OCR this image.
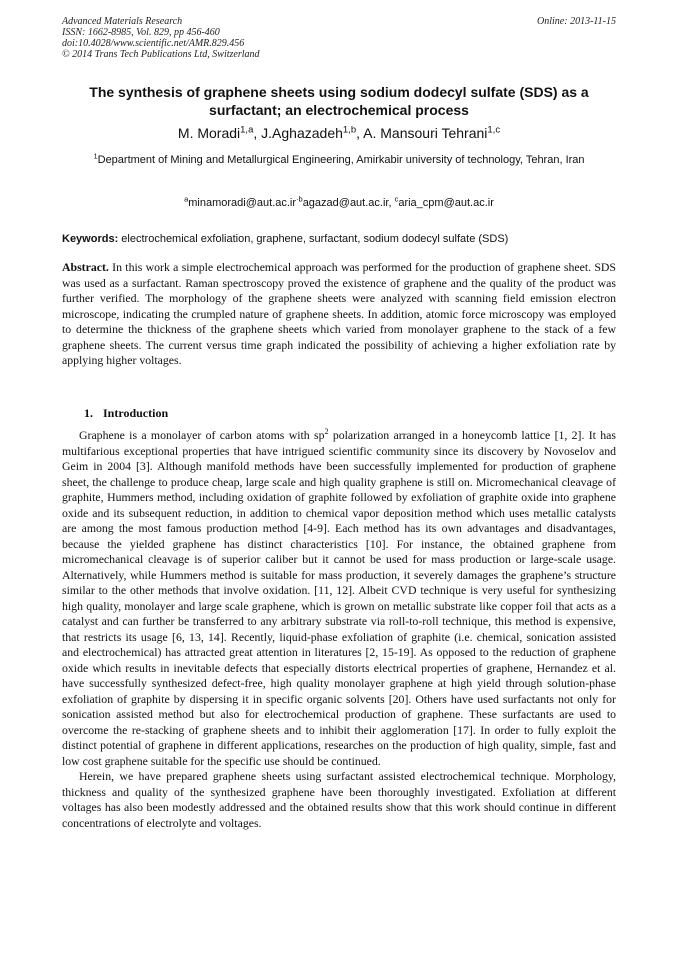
Advanced Materials Research
ISSN: 1662-8985, Vol. 829, pp 456-460
doi:10.4028/www.scientific.net/AMR.829.456
© 2014 Trans Tech Publications Ltd, Switzerland
Online: 2013-11-15
The synthesis of graphene sheets using sodium dodecyl sulfate (SDS) as a surfactant; an electrochemical process
M. Moradi$^{1,a}$, J.Aghazadeh$^{1,b}$, A. Mansouri Tehrani$^{1,c}$
$^1$Department of Mining and Metallurgical Engineering, Amirkabir university of technology, Tehran, Iran
$^aminamoradi@aut.ac.ir^{\cdot b}agazad@aut.ac.ir$, $^c$aria_cpm@aut.ac.ir
Keywords: electrochemical exfoliation, graphene, surfactant, sodium dodecyl sulfate (SDS)

Abstract. In this work a simple electrochemical approach was performed for the production of graphene sheet. SDS was used as a surfactant. Raman spectroscopy proved the existence of graphene and the quality of the product was further verified. The morphology of the graphene sheets were analyzed with scanning field emission electron microscope, indicating the crumpled nature of graphene sheets. In addition, atomic force microscopy was employed to determine the thickness of the graphene sheets which varied from monolayer graphene to the stack of a few graphene sheets. The current versus time graph indicated the possibility of achieving a higher exfoliation rate by applying higher voltages.

1. Introduction

Graphene is a monolayer of carbon atoms with $sp^2$ polarization arranged in a honeycomb lattice [1, 2]. It has multifarious exceptional properties that have intrigued scientific community since its discovery by Novoselov and Geim in 2004 [3]. Although manifold methods have been successfully implemented for production of graphene sheet, the challenge to produce cheap, large scale and high quality graphene is still on. Micromechanical cleavage of graphite, Hummers method, including oxidation of graphite followed by exfoliation of graphite oxide into graphene oxide and its subsequent reduction, in addition to chemical vapor deposition method which uses metallic catalysts are among the most famous production method [4-9]. Each method has its own advantages and disadvantages, because the yielded graphene has distinct characteristics [10]. For instance, the obtained graphene from micromechanical cleavage is of superior caliber but it cannot be used for mass production or large-scale usage. Alternatively, while Hummers method is suitable for mass production, it severely damages the graphene’s structure similar to the other methods that involve oxidation. [11, 12]. Albeit CVD technique is very useful for synthesizing high quality, monolayer and large scale graphene, which is grown on metallic substrate like copper foil that acts as a catalyst and can further be transferred to any arbitrary substrate via roll-to-roll technique, this method is expensive, that restricts its usage [6, 13, 14]. Recently, liquid-phase exfoliation of graphite (i.e. chemical, sonication assisted and electrochemical) has attracted great attention in literatures [2, 15-19]. As opposed to the reduction of graphene oxide which results in inevitable defects that especially distorts electrical properties of graphene, Hernandez et al. have successfully synthesized defect-free, high quality monolayer graphene at high yield through solution-phase exfoliation of graphite by dispersing it in specific organic solvents [20]. Others have used surfactants not only for sonication assisted method but also for electrochemical production of graphene. These surfactants are used to overcome the re-stacking of graphene sheets and to inhibit their agglomeration [17]. In order to fully exploit the distinct potential of graphene in different applications, researches on the production of high quality, simple, fast and low cost graphene suitable for the specific use should be continued.

Herein, we have prepared graphene sheets using surfactant assisted electrochemical technique. Morphology, thickness and quality of the synthesized graphene have been thoroughly investigated. Exfoliation at different voltages has also been modestly addressed and the obtained results show that this work should continue in different concentrations of electrolyte and voltages.
